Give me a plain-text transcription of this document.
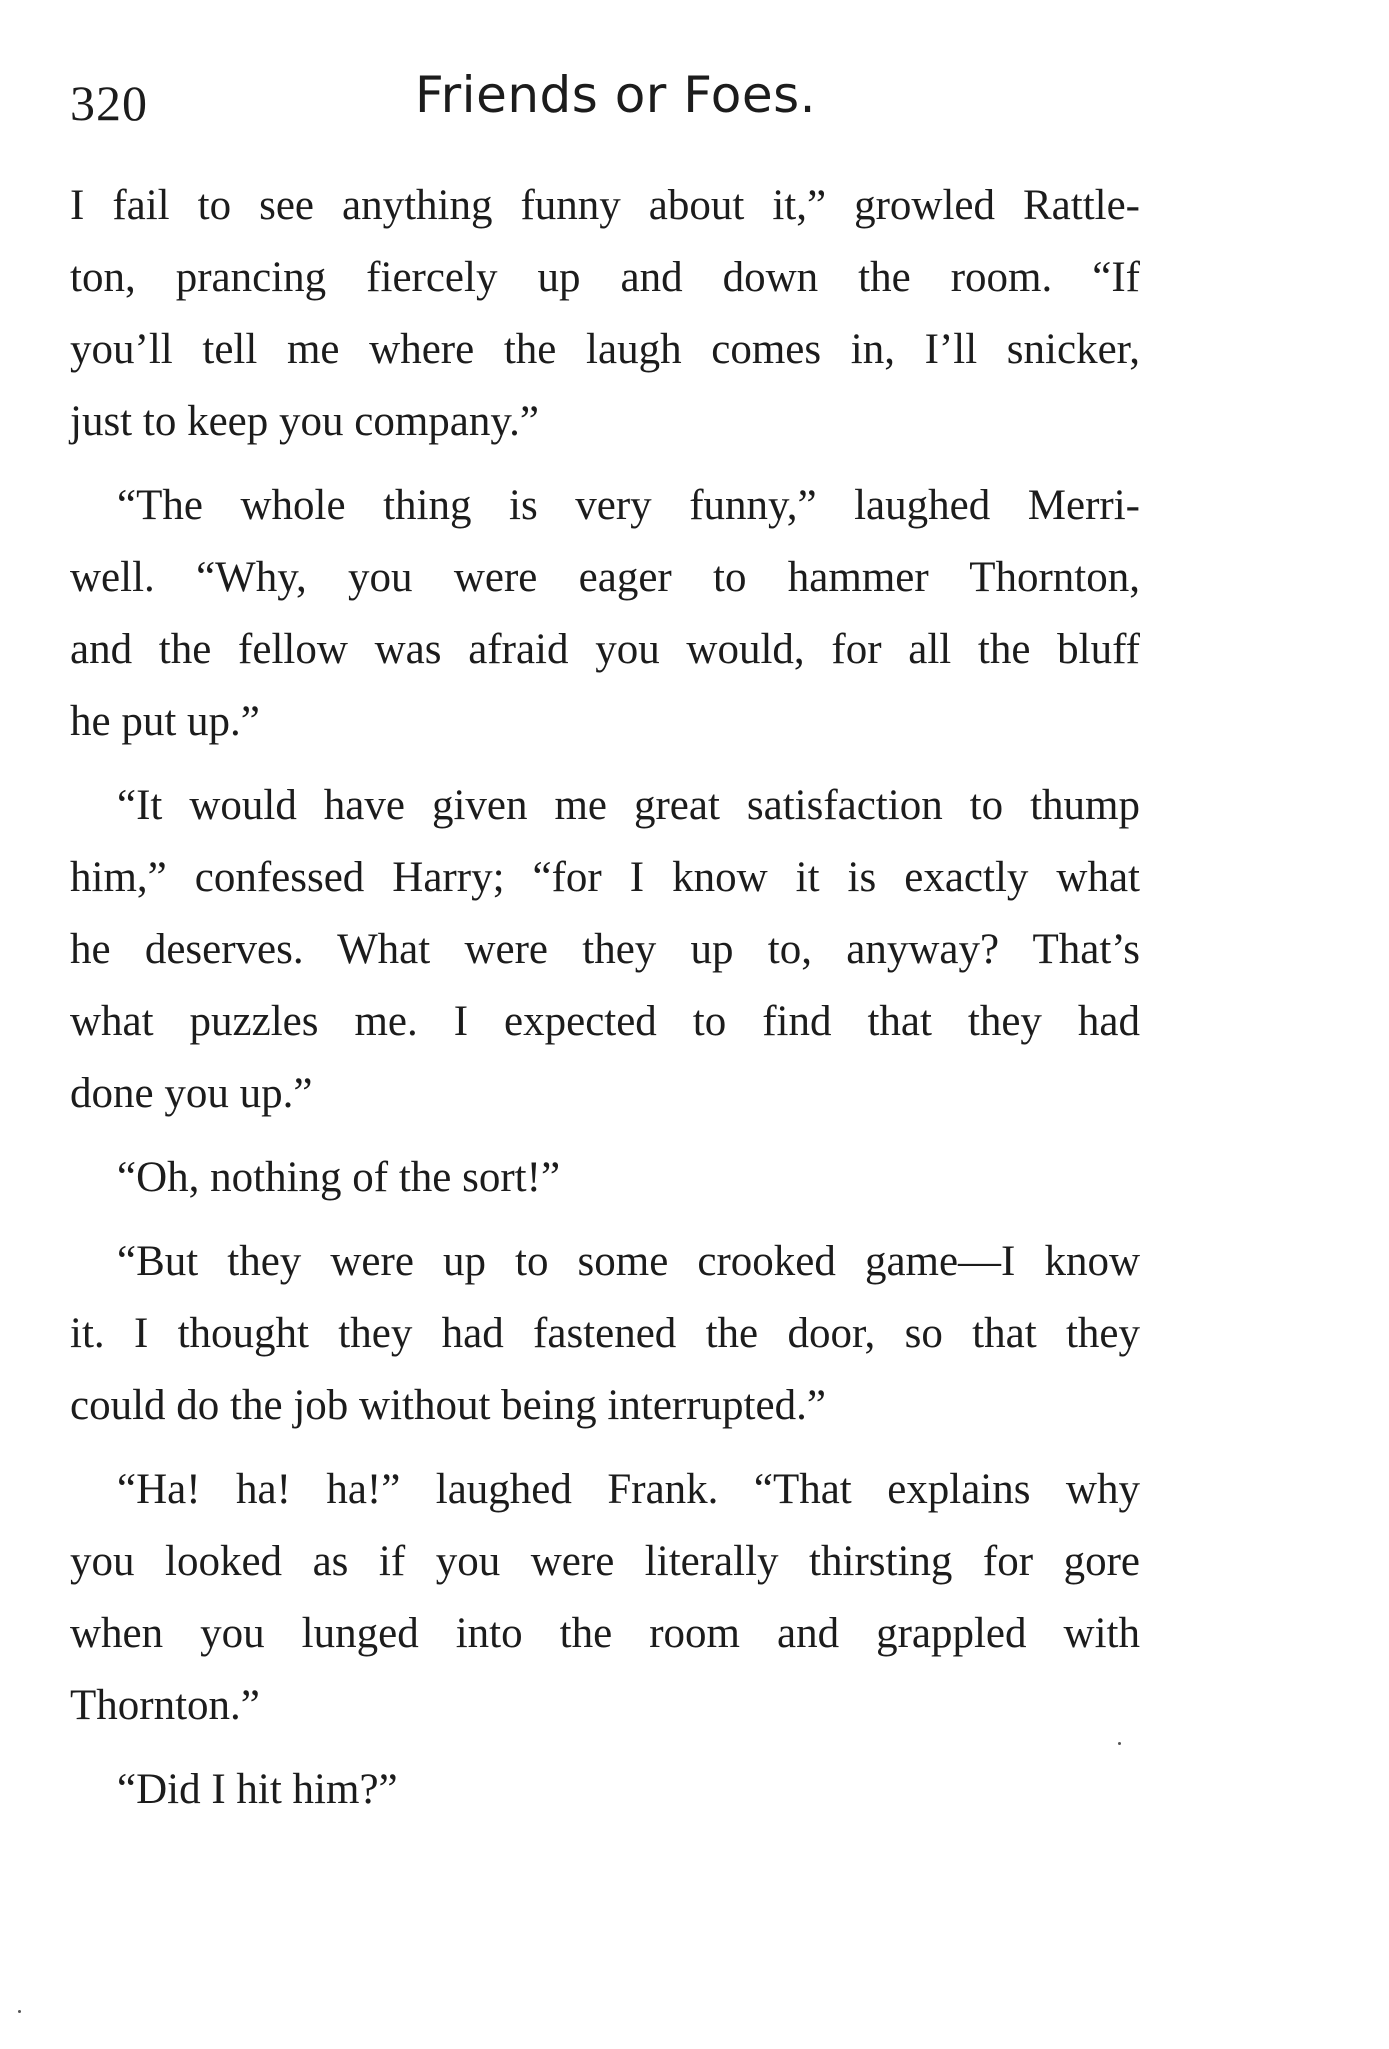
320	Friends or Foes.
I fail to see anything funny about it,” growled Rattle-
ton, prancing fiercely up and down the room. “If
you’ll tell me where the laugh comes in, I’ll snicker,
just to keep you company.”
“The whole thing is very funny,” laughed Merri-
well. “Why, you were eager to hammer Thornton,
and the fellow was afraid you would, for all the bluff
he put up.”
“It would have given me great satisfaction to thump
him,” confessed Harry; “for I know it is exactly what
he deserves. What were they up to, anyway? That’s
what puzzles me. I expected to find that they had
done you up.”
“Oh, nothing of the sort!”
“But they were up to some crooked game—I know
it. I thought they had fastened the door, so that they
could do the job without being interrupted.”
“Ha! ha! ha!” laughed Frank. “That explains why
you looked as if you were literally thirsting for gore
when you lunged into the room and grappled with
Thornton.”
“Did I hit him?”
